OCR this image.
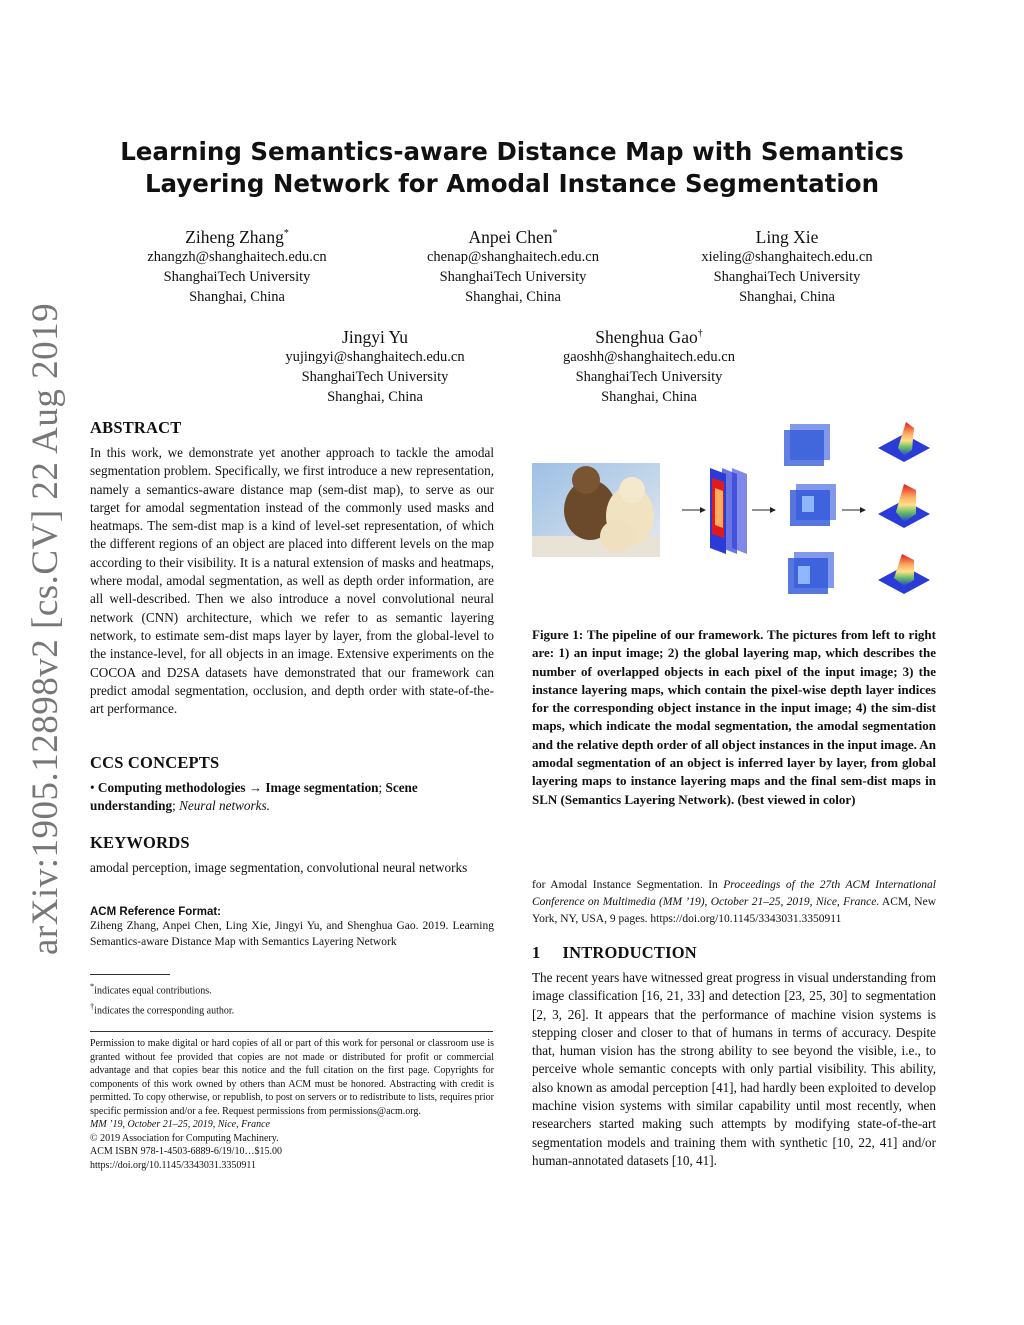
Learning Semantics-aware Distance Map with Semantics
Layering Network for Amodal Instance Segmentation
Ziheng Zhang*
zhangzh@shanghaitech.edu.cn
ShanghaiTech University
Shanghai, China
Anpei Chen*
chenap@shanghaitech.edu.cn
ShanghaiTech University
Shanghai, China
Ling Xie
xieling@shanghaitech.edu.cn
ShanghaiTech University
Shanghai, China
Jingyi Yu
yujingyi@shanghaitech.edu.cn
ShanghaiTech University
Shanghai, China
Shenghua Gao†
gaoshh@shanghaitech.edu.cn
ShanghaiTech University
Shanghai, China
arXiv:1905.12898v2 [cs.CV] 22 Aug 2019 ABSTRACT
In this work, we demonstrate yet another approach to tackle the amodal segmentation problem. Specifically, we first introduce a new representation, namely a semantics-aware distance map (sem-dist map), to serve as our target for amodal segmentation instead of the commonly used masks and heatmaps. The sem-dist map is a kind of level-set representation, of which the different regions of an object are placed into different levels on the map according to their visibility. It is a natural extension of masks and heatmaps, where modal, amodal segmentation, as well as depth order information, are all well-described. Then we also introduce a novel convolutional neural network (CNN) architecture, which we refer to as semantic layering network, to estimate sem-dist maps layer by layer, from the global-level to the instance-level, for all objects in an image. Extensive experiments on the COCOA and D2SA datasets have demonstrated that our framework can predict amodal segmentation, occlusion, and depth order with state-of-the-art performance.
CCS CONCEPTS
• Computing methodologies → Image segmentation; Scene understanding; Neural networks.
KEYWORDS
amodal perception, image segmentation, convolutional neural networks
ACM Reference Format:
Ziheng Zhang, Anpei Chen, Ling Xie, Jingyi Yu, and Shenghua Gao. 2019. Learning Semantics-aware Distance Map with Semantics Layering Network
*indicates equal contributions.
†indicates the corresponding author.
Permission to make digital or hard copies of all or part of this work for personal or classroom use is granted without fee provided that copies are not made or distributed for profit or commercial advantage and that copies bear this notice and the full citation on the first page. Copyrights for components of this work owned by others than ACM must be honored. Abstracting with credit is permitted. To copy otherwise, or republish, to post on servers or to redistribute to lists, requires prior specific permission and/or a fee. Request permissions from permissions@acm.org.
MM ’19, October 21–25, 2019, Nice, France
© 2019 Association for Computing Machinery.
ACM ISBN 978-1-4503-6889-6/19/10…$15.00
https://doi.org/10.1145/3343031.3350911
Figure 1: The pipeline of our framework. The pictures from left to right are: 1) an input image; 2) the global layering map, which describes the number of overlapped objects in each pixel of the input image; 3) the instance layering maps, which contain the pixel-wise depth layer indices for the corresponding object instance in the input image; 4) the sim-dist maps, which indicate the modal segmentation, the amodal segmentation and the relative depth order of all object instances in the input image. An amodal segmentation of an object is inferred layer by layer, from global layering maps to instance layering maps and the final sem-dist maps in SLN (Semantics Layering Network). (best viewed in color)
for Amodal Instance Segmentation. In Proceedings of the 27th ACM International Conference on Multimedia (MM ’19), October 21–25, 2019, Nice, France. ACM, New York, NY, USA, 9 pages. https://doi.org/10.1145/3343031.3350911
1 INTRODUCTION
The recent years have witnessed great progress in visual understanding from image classification [16, 21, 33] and detection [23, 25, 30] to segmentation [2, 3, 26]. It appears that the performance of machine vision systems is stepping closer and closer to that of humans in terms of accuracy. Despite that, human vision has the strong ability to see beyond the visible, i.e., to perceive whole semantic concepts with only partial visibility. This ability, also known as amodal perception [41], had hardly been exploited to develop machine vision systems with similar capability until most recently, when researchers started making such attempts by modifying state-of-the-art segmentation models and training them with synthetic [10, 22, 41] and/or human-annotated datasets [10, 41].
